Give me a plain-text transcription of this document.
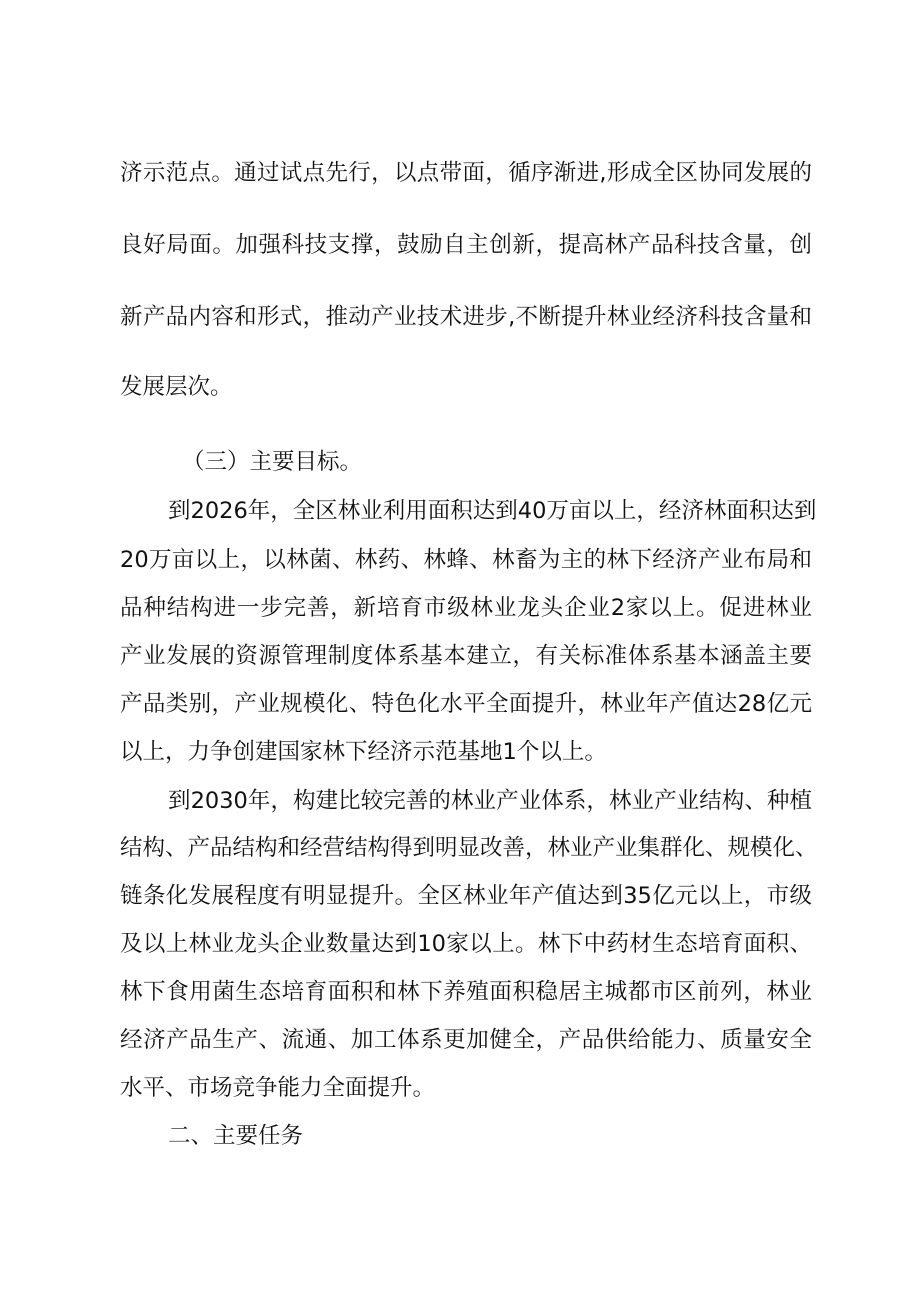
济示范点。通过试点先行，以点带面，循序渐进,形成全区协同发展的
良好局面。加强科技支撑，鼓励自主创新，提高林产品科技含量，创
新产品内容和形式，推动产业技术进步,不断提升林业经济科技含量和
发展层次。
（三）主要目标。
到2026年，全区林业利用面积达到40万亩以上，经济林面积达到
20万亩以上，以林菌、林药、林蜂、林畜为主的林下经济产业布局和
品种结构进一步完善，新培育市级林业龙头企业2家以上。促进林业
产业发展的资源管理制度体系基本建立，有关标准体系基本涵盖主要
产品类别，产业规模化、特色化水平全面提升，林业年产值达28亿元
以上，力争创建国家林下经济示范基地1个以上。
到2030年，构建比较完善的林业产业体系，林业产业结构、种植
结构、产品结构和经营结构得到明显改善，林业产业集群化、规模化、
链条化发展程度有明显提升。全区林业年产值达到35亿元以上，市级
及以上林业龙头企业数量达到10家以上。林下中药材生态培育面积、
林下食用菌生态培育面积和林下养殖面积稳居主城都市区前列，林业
经济产品生产、流通、加工体系更加健全，产品供给能力、质量安全
水平、市场竞争能力全面提升。
二、主要任务
